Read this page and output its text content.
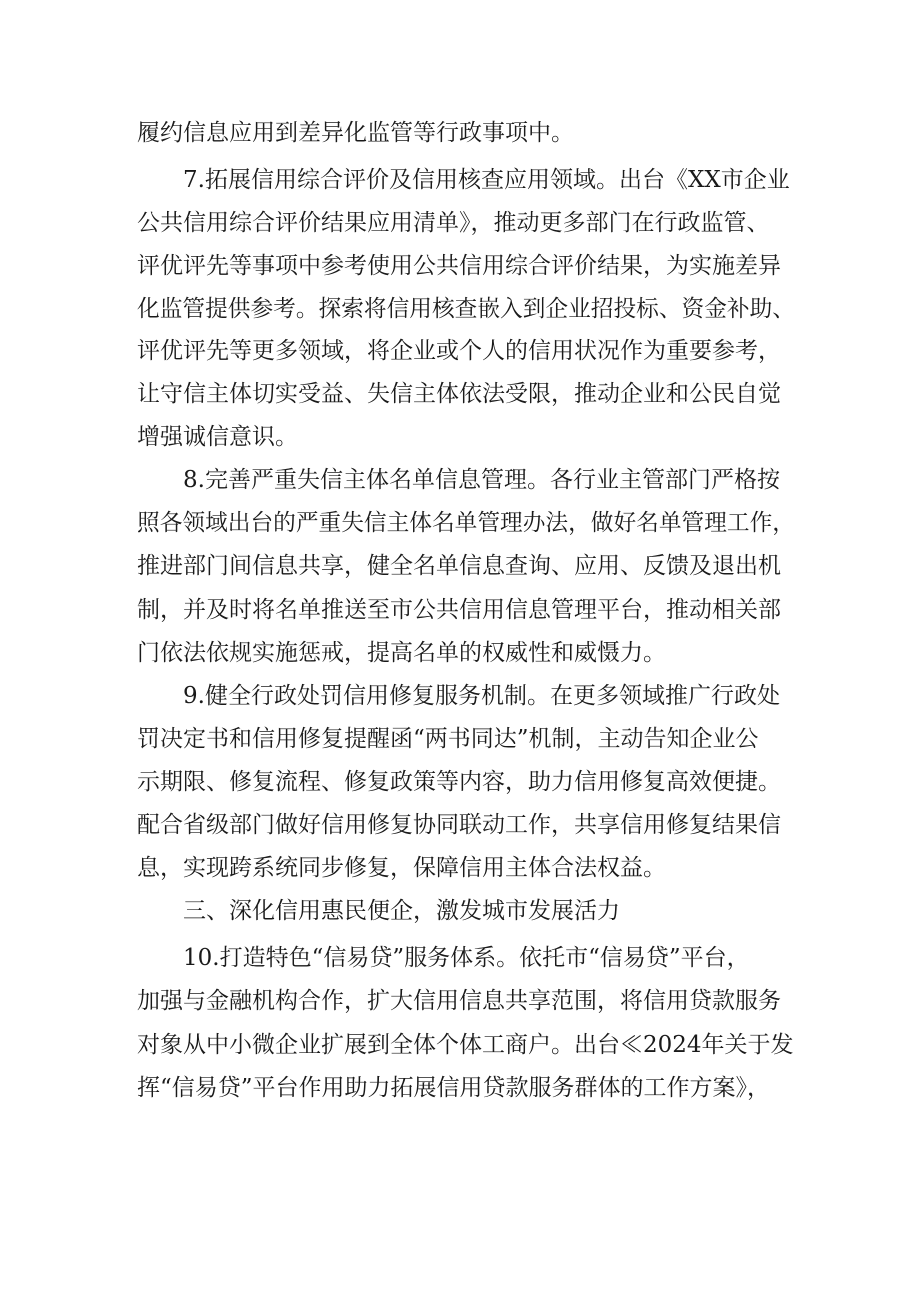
履约信息应用到差异化监管等行政事项中。
7.拓展信用综合评价及信用核查应用领域。出台《XX市企业
公共信用综合评价结果应用清单》，推动更多部门在行政监管、
评优评先等事项中参考使用公共信用综合评价结果，为实施差异
化监管提供参考。探索将信用核查嵌入到企业招投标、资金补助、
评优评先等更多领域，将企业或个人的信用状况作为重要参考，
让守信主体切实受益、失信主体依法受限，推动企业和公民自觉
增强诚信意识。
8.完善严重失信主体名单信息管理。各行业主管部门严格按
照各领域出台的严重失信主体名单管理办法，做好名单管理工作，
推进部门间信息共享，健全名单信息查询、应用、反馈及退出机
制，并及时将名单推送至市公共信用信息管理平台，推动相关部
门依法依规实施惩戒，提高名单的权威性和威慑力。
9.健全行政处罚信用修复服务机制。在更多领域推广行政处
罚决定书和信用修复提醒函“两书同达”机制，主动告知企业公
示期限、修复流程、修复政策等内容，助力信用修复高效便捷。
配合省级部门做好信用修复协同联动工作，共享信用修复结果信
息，实现跨系统同步修复，保障信用主体合法权益。
三、深化信用惠民便企，激发城市发展活力
10.打造特色“信易贷”服务体系。依托市“信易贷”平台，
加强与金融机构合作，扩大信用信息共享范围，将信用贷款服务
对象从中小微企业扩展到全体个体工商户。出台≪2024年关于发
挥“信易贷”平台作用助力拓展信用贷款服务群体的工作方案》，
